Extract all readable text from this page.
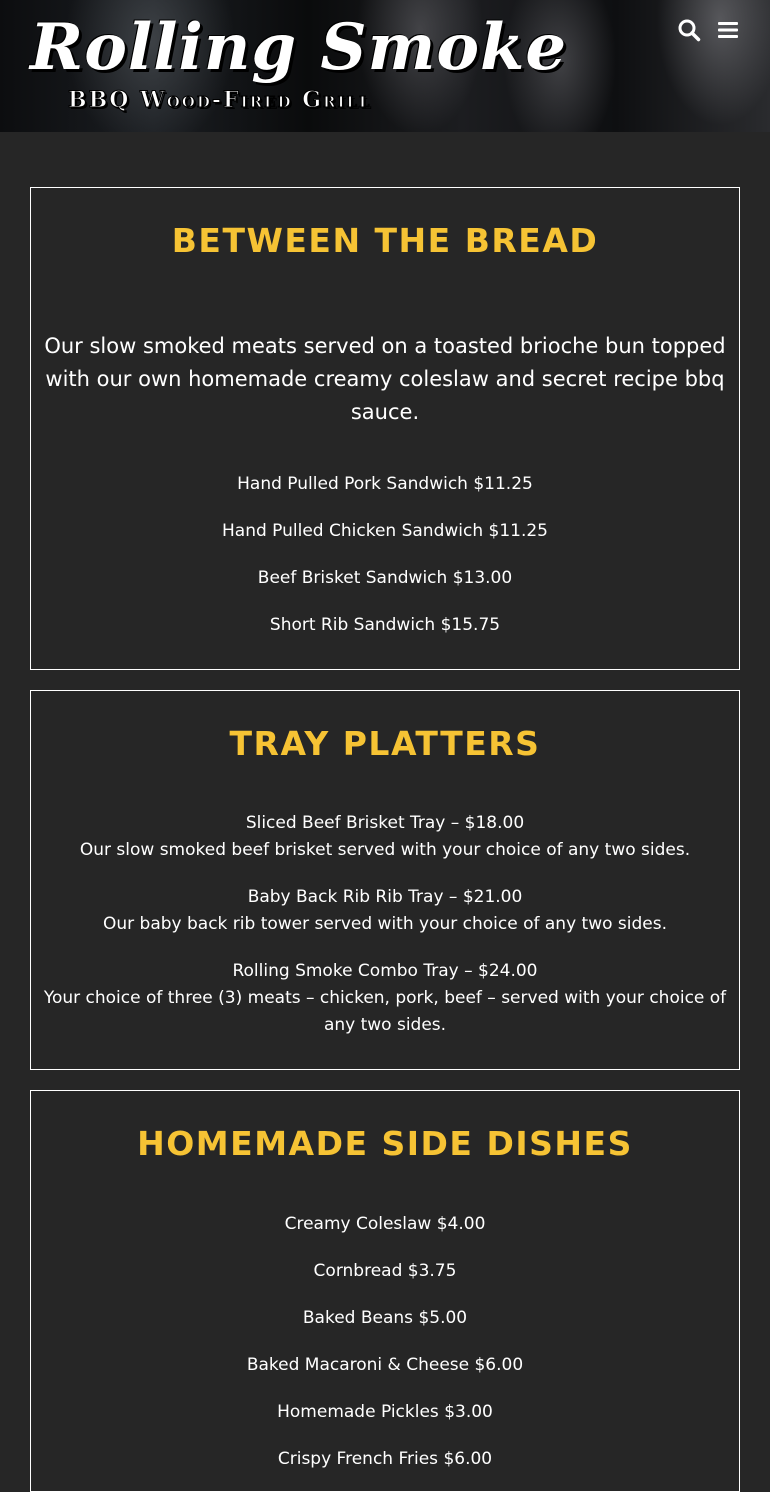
Rolling Smoke
BBQ Wood-Fired Grill
BETWEEN THE BREAD

Our slow smoked meats served on a toasted brioche bun topped with our own homemade creamy coleslaw and secret recipe bbq sauce.

Hand Pulled Pork Sandwich $11.25
Hand Pulled Chicken Sandwich $11.25
Beef Brisket Sandwich $13.00
Short Rib Sandwich $15.75
TRAY PLATTERS
Sliced Beef Brisket Tray – $18.00
Our slow smoked beef brisket served with your choice of any two sides.
Baby Back Rib Rib Tray – $21.00
Our baby back rib tower served with your choice of any two sides.
Rolling Smoke Combo Tray – $24.00
Your choice of three (3) meats – chicken, pork, beef – served with your choice of any two sides.
HOMEMADE SIDE DISHES
Creamy Coleslaw $4.00
Cornbread $3.75
Baked Beans $5.00
Baked Macaroni & Cheese $6.00
Homemade Pickles $3.00
Crispy French Fries $6.00
